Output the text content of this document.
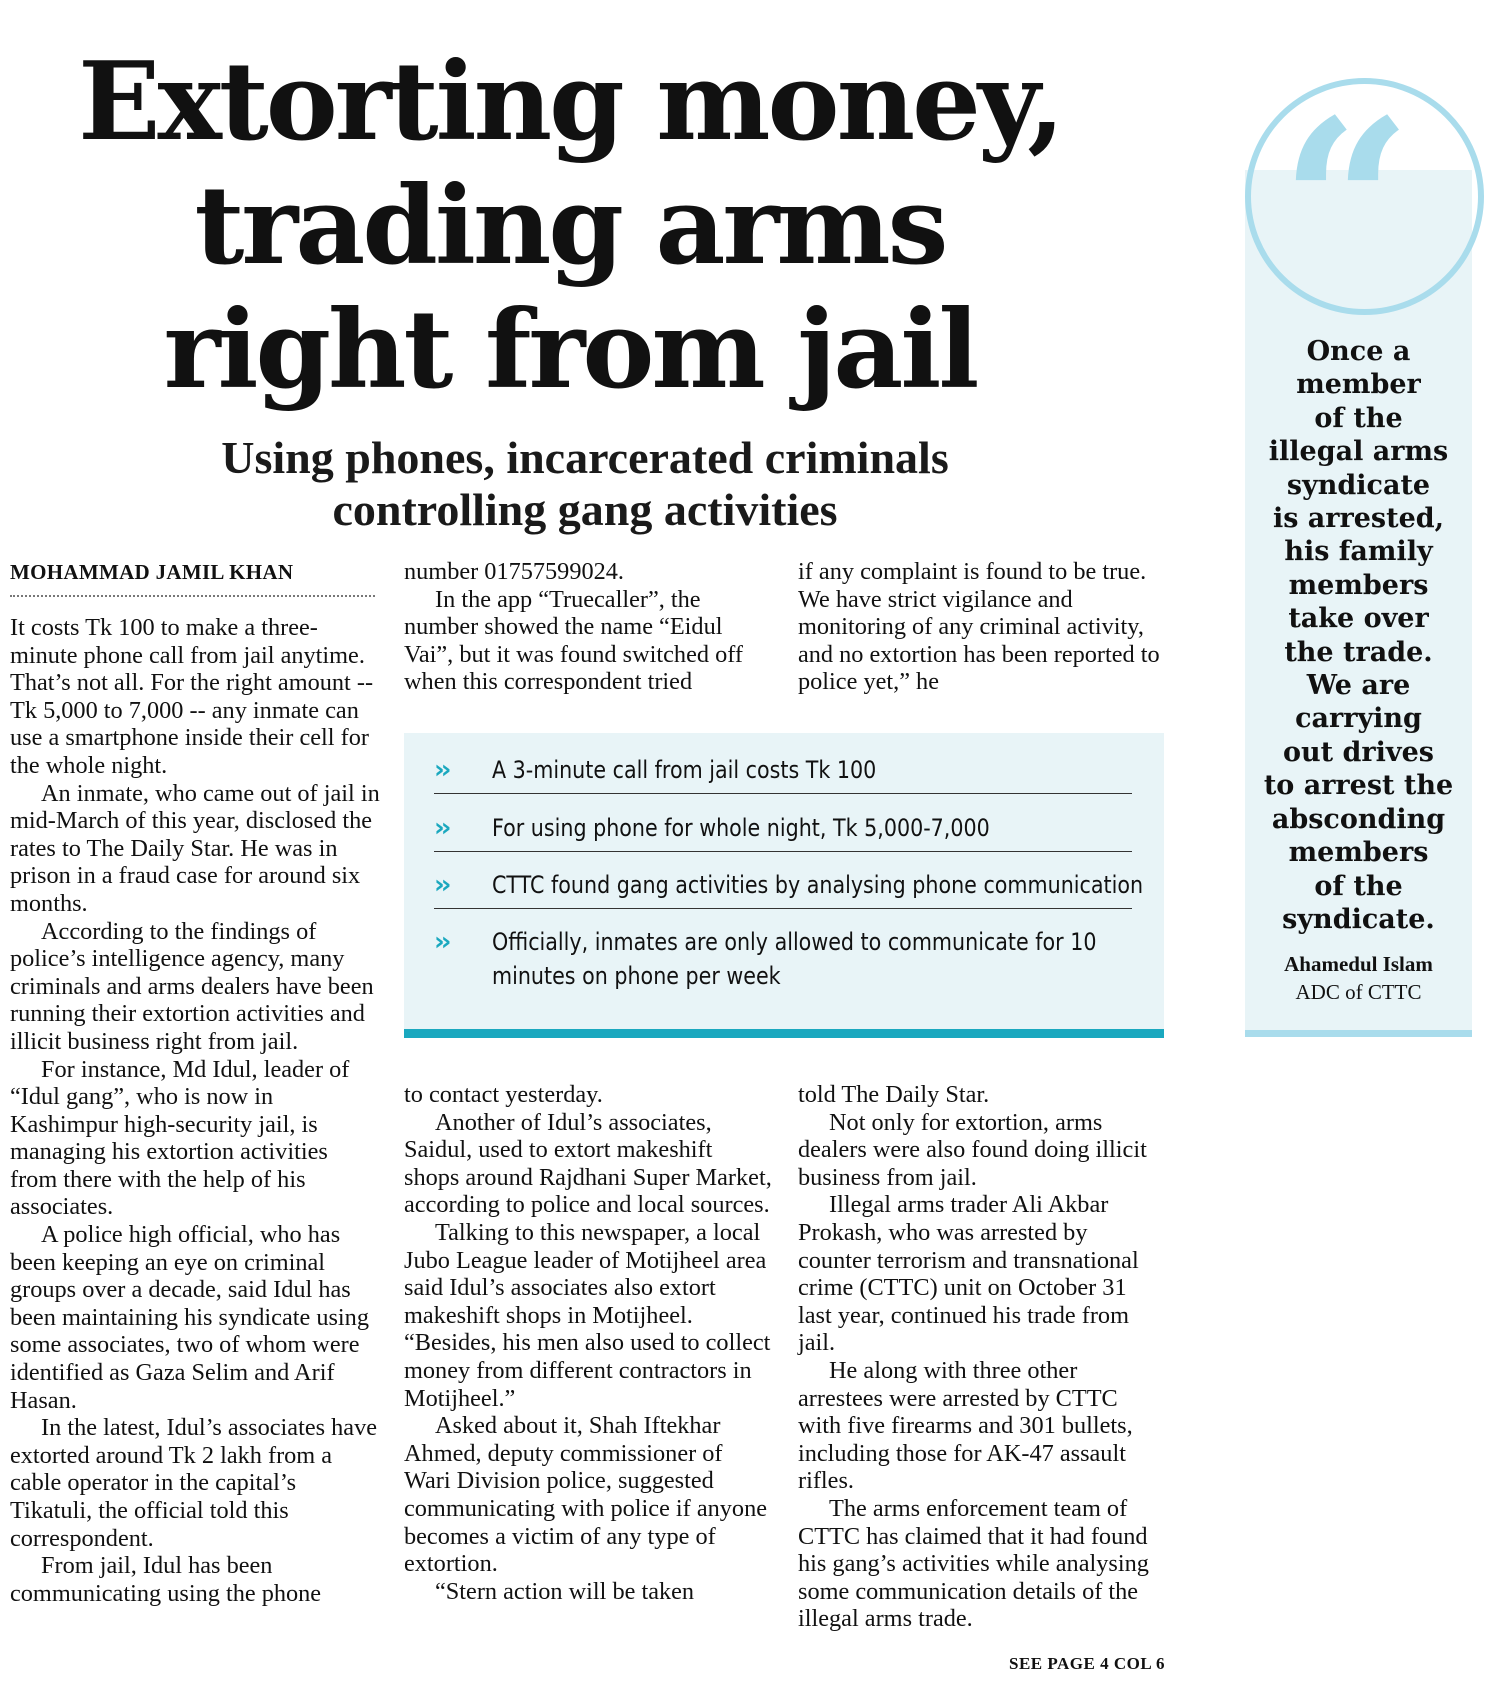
Extorting money,
trading arms
right from jail
Using phones, incarcerated criminals
controlling gang activities
MOHAMMAD JAMIL KHAN

It costs Tk 100 to make a three-minute phone call from jail anytime. That’s not all. For the right amount -- Tk 5,000 to 7,000 -- any inmate can use a smartphone inside their cell for the whole night.

An inmate, who came out of jail in mid-March of this year, disclosed the rates to The Daily Star. He was in prison in a fraud case for around six months.

According to the findings of police’s intelligence agency, many criminals and arms dealers have been running their extortion activities and illicit business right from jail.

For instance, Md Idul, leader of “Idul gang”, who is now in Kashimpur high-security jail, is managing his extortion activities from there with the help of his associates.

A police high official, who has been keeping an eye on criminal groups over a decade, said Idul has been maintaining his syndicate using some associates, two of whom were identified as Gaza Selim and Arif Hasan.

In the latest, Idul’s associates have extorted around Tk 2 lakh from a cable operator in the capital’s Tikatuli, the official told this correspondent.

From jail, Idul has been communicating using the phone

number 01757599024.

In the app “Truecaller”, the number showed the name “Eidul Vai”, but it was found switched off when this correspondent tried

if any complaint is found to be true. We have strict vigilance and monitoring of any criminal activity, and no extortion has been reported to police yet,” he

››	A 3-minute call from jail costs Tk 100
››	For using phone for whole night, Tk 5,000-7,000
››	CTTC found gang activities by analysing phone communication
››	Officially, inmates are only allowed to communicate for 10
minutes on phone per week

to contact yesterday.

Another of Idul’s associates, Saidul, used to extort makeshift shops around Rajdhani Super Market, according to police and local sources.

Talking to this newspaper, a local Jubo League leader of Motijheel area said Idul’s associates also extort makeshift shops in Motijheel. “Besides, his men also used to collect money from different contractors in Motijheel.”

Asked about it, Shah Iftekhar Ahmed, deputy commissioner of Wari Division police, suggested communicating with police if anyone becomes a victim of any type of extortion.

“Stern action will be taken

told The Daily Star.

Not only for extortion, arms dealers were also found doing illicit business from jail.

Illegal arms trader Ali Akbar Prokash, who was arrested by counter terrorism and transnational crime (CTTC) unit on October 31 last year, continued his trade from jail.

He along with three other arrestees were arrested by CTTC with five firearms and 301 bullets, including those for AK-47 assault rifles.

The arms enforcement team of CTTC has claimed that it had found his gang’s activities while analysing some communication details of the illegal arms trade.

Once a
member
of the
illegal arms
syndicate
is arrested,
his family
members
take over
the trade.
We are
carrying
out drives
to arrest the
absconding
members
of the
syndicate.
Ahamedul Islam
ADC of CTTC
SEE PAGE 4 COL 6
